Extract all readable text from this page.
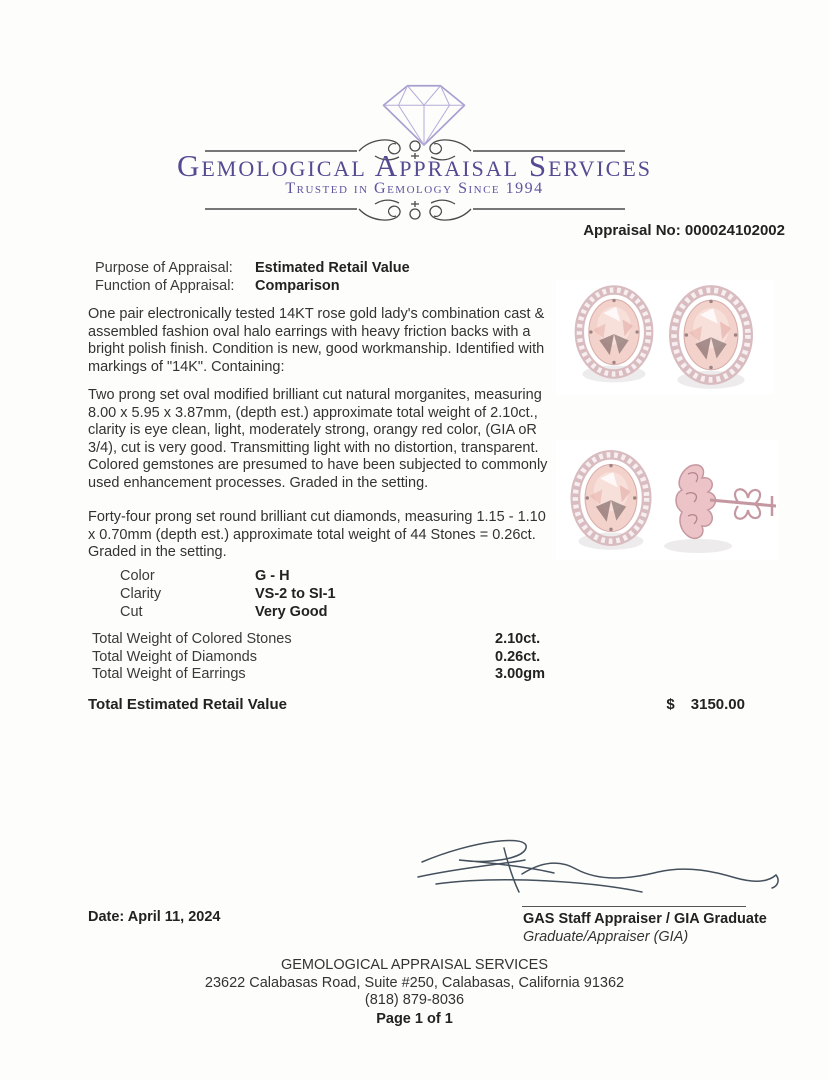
Gemological Appraisal Services
Trusted in Gemology Since 1994
Appraisal No: 000024102002
Purpose of Appraisal:	Estimated Retail Value
Function of Appraisal:	Comparison
One pair electronically tested 14KT rose gold lady's combination cast & assembled fashion oval halo earrings with heavy friction backs with a bright polish finish. Condition is new, good workmanship. Identified with markings of "14K". Containing:
Two prong set oval modified brilliant cut natural morganites, measuring 8.00 x 5.95 x 3.87mm, (depth est.) approximate total weight of 2.10ct., clarity is eye clean, light, moderately strong, orangy red color, (GIA oR 3/4), cut is very good. Transmitting light with no distortion, transparent. Colored gemstones are presumed to have been subjected to commonly used enhancement processes. Graded in the setting.
Forty-four prong set round brilliant cut diamonds, measuring 1.15 - 1.10 x 0.70mm (depth est.) approximate total weight of 44 Stones = 0.26ct. Graded in the setting.
Color	G - H
Clarity	VS-2 to SI-1
Cut	Very Good
Total Weight of Colored Stones	2.10ct.
Total Weight of Diamonds	0.26ct.
Total Weight of Earrings	3.00gm
Total Estimated Retail Value	$ 3150.00
GAS Staff Appraiser / GIA Graduate
Graduate/Appraiser (GIA)
Date: April 11, 2024
GEMOLOGICAL APPRAISAL SERVICES
23622 Calabasas Road, Suite #250, Calabasas, California 91362
(818) 879-8036
Page 1 of 1
